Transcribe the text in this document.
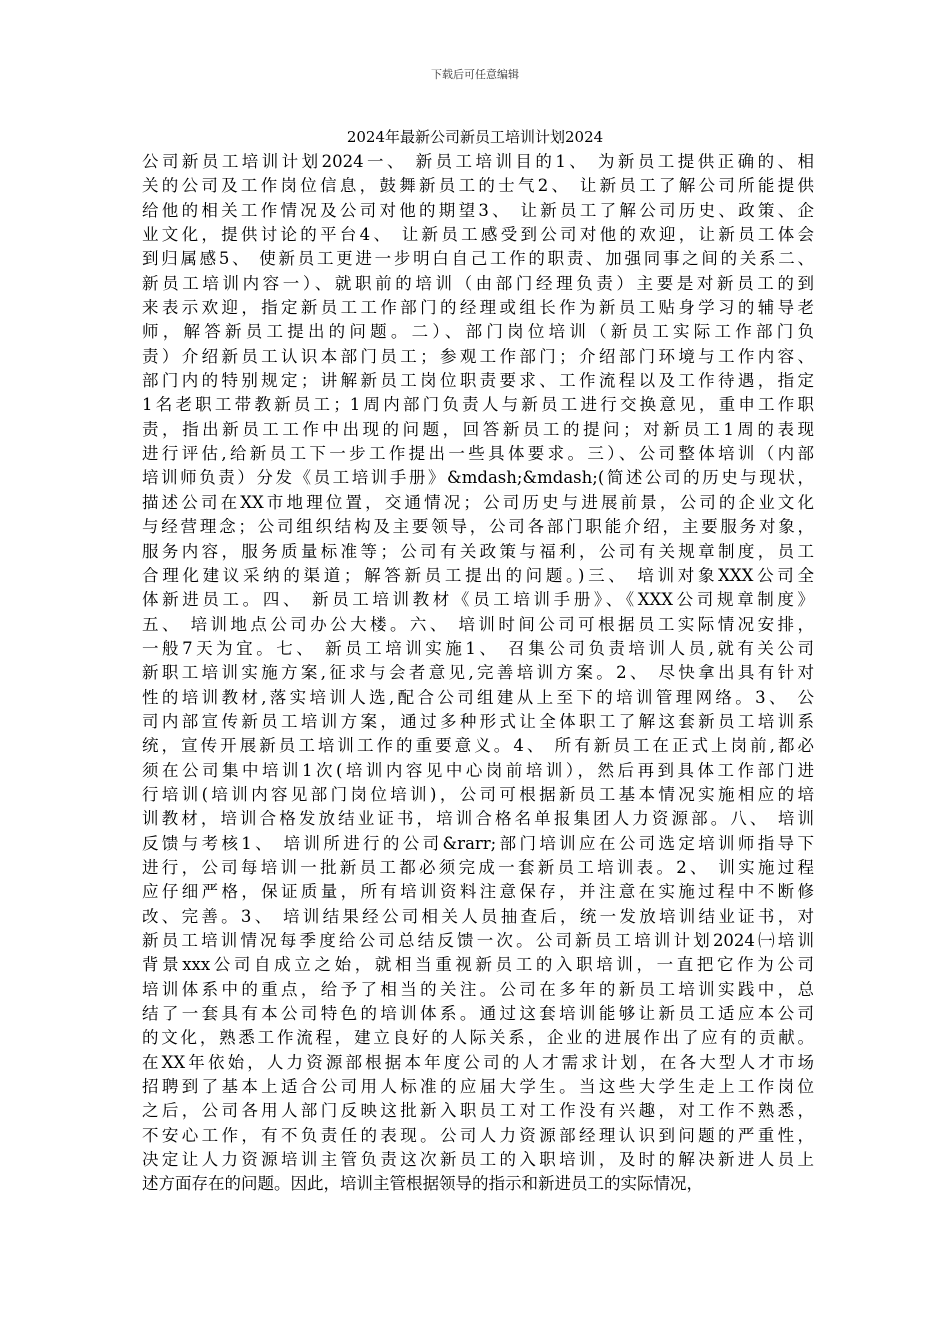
下载后可任意编辑
2024年最新公司新员工培训计划2024
公司新员工培训计划2024一、 新员工培训目的1、 为新员工提供正确的、相
关的公司及工作岗位信息，鼓舞新员工的士气2、 让新员工了解公司所能提供
给他的相关工作情况及公司对他的期望3、 让新员工了解公司历史、政策、企
业文化，提供讨论的平台4、 让新员工感受到公司对他的欢迎，让新员工体会
到归属感5、 使新员工更进一步明白自己工作的职责、加强同事之间的关系二、
新员工培训内容一）、就职前的培训（由部门经理负责）主要是对新员工的到
来表示欢迎，指定新员工工作部门的经理或组长作为新员工贴身学习的辅导老
师，解答新员工提出的问题。二）、部门岗位培训（新员工实际工作部门负
责）介绍新员工认识本部门员工；参观工作部门；介绍部门环境与工作内容、
部门内的特别规定；讲解新员工岗位职责要求、工作流程以及工作待遇，指定
1名老职工带教新员工；1周内部门负责人与新员工进行交换意见，重申工作职
责，指出新员工工作中出现的问题，回答新员工的提问；对新员工1周的表现
进行评估,给新员工下一步工作提出一些具体要求。三）、公司整体培训（内部
培训师负责）分发《员工培训手册》&mdash;&mdash;(简述公司的历史与现状，
描述公司在XX市地理位置，交通情况；公司历史与进展前景，公司的企业文化
与经营理念；公司组织结构及主要领导，公司各部门职能介绍，主要服务对象，
服务内容，服务质量标准等；公司有关政策与福利，公司有关规章制度，员工
合理化建议采纳的渠道；解答新员工提出的问题。)三、 培训对象XXX公司全
体新进员工。四、 新员工培训教材《员工培训手册》、《XXX公司规章制度》
五、 培训地点公司办公大楼。六、 培训时间公司可根据员工实际情况安排，
一般7天为宜。七、 新员工培训实施1、 召集公司负责培训人员,就有关公司
新职工培训实施方案,征求与会者意见,完善培训方案。2、 尽快拿出具有针对
性的培训教材,落实培训人选,配合公司组建从上至下的培训管理网络。3、 公
司内部宣传新员工培训方案，通过多种形式让全体职工了解这套新员工培训系
统，宣传开展新员工培训工作的重要意义。4、 所有新员工在正式上岗前,都必
须在公司集中培训1次(培训内容见中心岗前培训），然后再到具体工作部门进
行培训(培训内容见部门岗位培训)，公司可根据新员工基本情况实施相应的培
训教材，培训合格发放结业证书，培训合格名单报集团人力资源部。八、 培训
反馈与考核1、 培训所进行的公司&rarr;部门培训应在公司选定培训师指导下
进行，公司每培训一批新员工都必须完成一套新员工培训表。2、 训实施过程
应仔细严格，保证质量，所有培训资料注意保存，并注意在实施过程中不断修
改、完善。3、 培训结果经公司相关人员抽查后，统一发放培训结业证书，对
新员工培训情况每季度给公司总结反馈一次。公司新员工培训计划2024㈠培训
背景xxx公司自成立之始，就相当重视新员工的入职培训，一直把它作为公司
培训体系中的重点，给予了相当的关注。公司在多年的新员工培训实践中，总
结了一套具有本公司特色的培训体系。通过这套培训能够让新员工适应本公司
的文化，熟悉工作流程，建立良好的人际关系，企业的进展作出了应有的贡献。
在XX年依始，人力资源部根据本年度公司的人才需求计划，在各大型人才市场
招聘到了基本上适合公司用人标准的应届大学生。当这些大学生走上工作岗位
之后，公司各用人部门反映这批新入职员工对工作没有兴趣，对工作不熟悉，
不安心工作，有不负责任的表现。公司人力资源部经理认识到问题的严重性，
决定让人力资源培训主管负责这次新员工的入职培训，及时的解决新进人员上
述方面存在的问题。因此，培训主管根据领导的指示和新进员工的实际情况，
